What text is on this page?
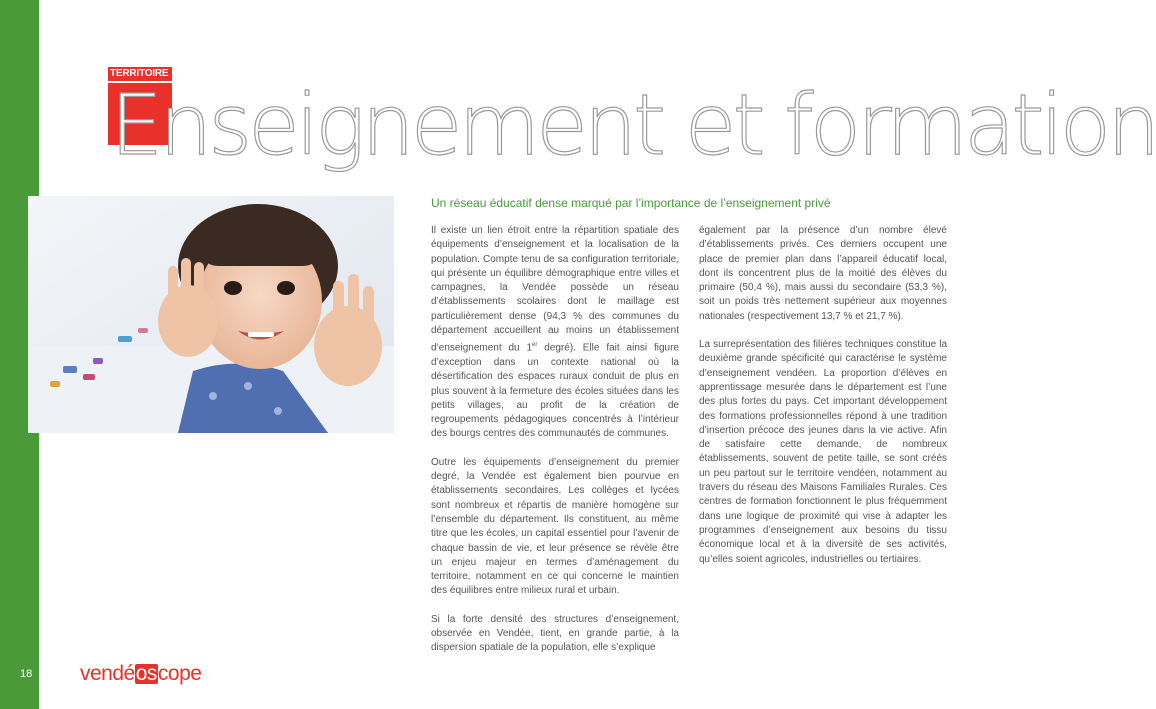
18
TERRITOIRE
Enseignement et formation
Un réseau éducatif dense marqué par l’importance de l’enseignement privé

Il existe un lien étroit entre la répartition spatiale des équipements d’enseignement et la localisation de la population. Compte tenu de sa configuration territoriale, qui présente un équilibre démographique entre villes et campagnes, la Vendée possède un réseau d’établissements scolaires dont le maillage est particulièrement dense (94,3 % des communes du département accueillent au moins un établissement d’enseignement du 1er degré). Elle fait ainsi figure d’exception dans un contexte national où la désertification des espaces ruraux conduit de plus en plus souvent à la fermeture des écoles situées dans les petits villages, au profit de la création de regroupements pédagogiques concentrés à l’intérieur des bourgs centres des communautés de communes.

Outre les équipements d’enseignement du premier degré, la Vendée est également bien pourvue en établissements secondaires. Les collèges et lycées sont nombreux et répartis de manière homogène sur l’ensemble du département. Ils constituent, au même titre que les écoles, un capital essentiel pour l’avenir de chaque bassin de vie, et leur présence se révèle être un enjeu majeur en termes d’aménagement du territoire, notamment en ce qui concerne le maintien des équilibres entre milieux rural et urbain.

Si la forte densité des structures d’enseignement, observée en Vendée, tient, en grande partie, à la dispersion spatiale de la population, elle s’explique

également par la présence d’un nombre élevé d’établissements privés. Ces derniers occupent une place de premier plan dans l’appareil éducatif local, dont ils concentrent plus de la moitié des élèves du primaire (50,4 %), mais aussi du secondaire (53,3 %), soit un poids très nettement supérieur aux moyennes nationales (respectivement 13,7 % et 21,7 %).

La surreprésentation des filières techniques constitue la deuxième grande spécificité qui caractérise le système d’enseignement vendéen. La proportion d’élèves en apprentissage mesurée dans le département est l’une des plus fortes du pays. Cet important développement des formations professionnelles répond à une tradition d’insertion précoce des jeunes dans la vie active. Afin de satisfaire cette demande, de nombreux établissements, souvent de petite taille, se sont créés un peu partout sur le territoire vendéen, notamment au travers du réseau des Maisons Familiales Rurales. Ces centres de formation fonctionnent le plus fréquemment dans une logique de proximité qui vise à adapter les programmes d’enseignement aux besoins du tissu économique local et à la diversité de ses activités, qu’elles soient agricoles, industrielles ou tertiaires.

vendéoscope
